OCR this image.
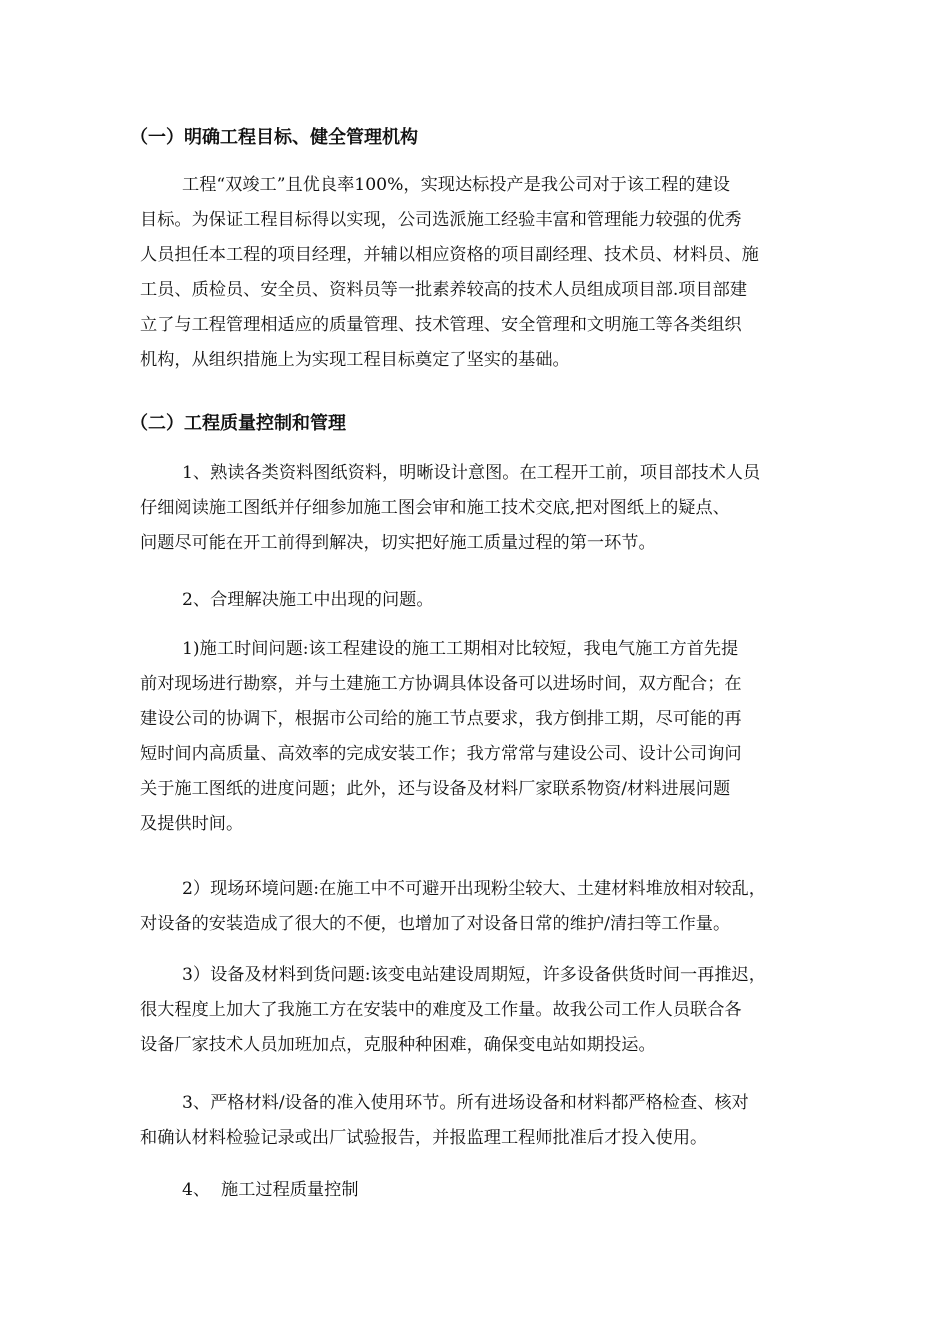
（一）明确工程目标、健全管理机构
工程“双竣工”且优良率100%，实现达标投产是我公司对于该工程的建设
目标。为保证工程目标得以实现，公司选派施工经验丰富和管理能力较强的优秀
人员担任本工程的项目经理，并辅以相应资格的项目副经理、技术员、材料员、施
工员、质检员、安全员、资料员等一批素养较高的技术人员组成项目部.项目部建
立了与工程管理相适应的质量管理、技术管理、安全管理和文明施工等各类组织
机构，从组织措施上为实现工程目标奠定了坚实的基础。
（二）工程质量控制和管理
1、熟读各类资料图纸资料，明晰设计意图。在工程开工前，项目部技术人员
仔细阅读施工图纸并仔细参加施工图会审和施工技术交底,把对图纸上的疑点、
问题尽可能在开工前得到解决，切实把好施工质量过程的第一环节。
2、合理解决施工中出现的问题。
1)施工时间问题:该工程建设的施工工期相对比较短，我电气施工方首先提
前对现场进行勘察，并与土建施工方协调具体设备可以进场时间，双方配合；在
建设公司的协调下，根据市公司给的施工节点要求，我方倒排工期，尽可能的再
短时间内高质量、高效率的完成安装工作；我方常常与建设公司、设计公司询问
关于施工图纸的进度问题；此外，还与设备及材料厂家联系物资/材料进展问题
及提供时间。
2）现场环境问题:在施工中不可避开出现粉尘较大、土建材料堆放相对较乱，
对设备的安装造成了很大的不便，也增加了对设备日常的维护/清扫等工作量。
3）设备及材料到货问题:该变电站建设周期短，许多设备供货时间一再推迟，
很大程度上加大了我施工方在安装中的难度及工作量。故我公司工作人员联合各
设备厂家技术人员加班加点，克服种种困难，确保变电站如期投运。
3、严格材料/设备的准入使用环节。所有进场设备和材料都严格检查、核对
和确认材料检验记录或出厂试验报告，并报监理工程师批准后才投入使用。
4、  施工过程质量控制
